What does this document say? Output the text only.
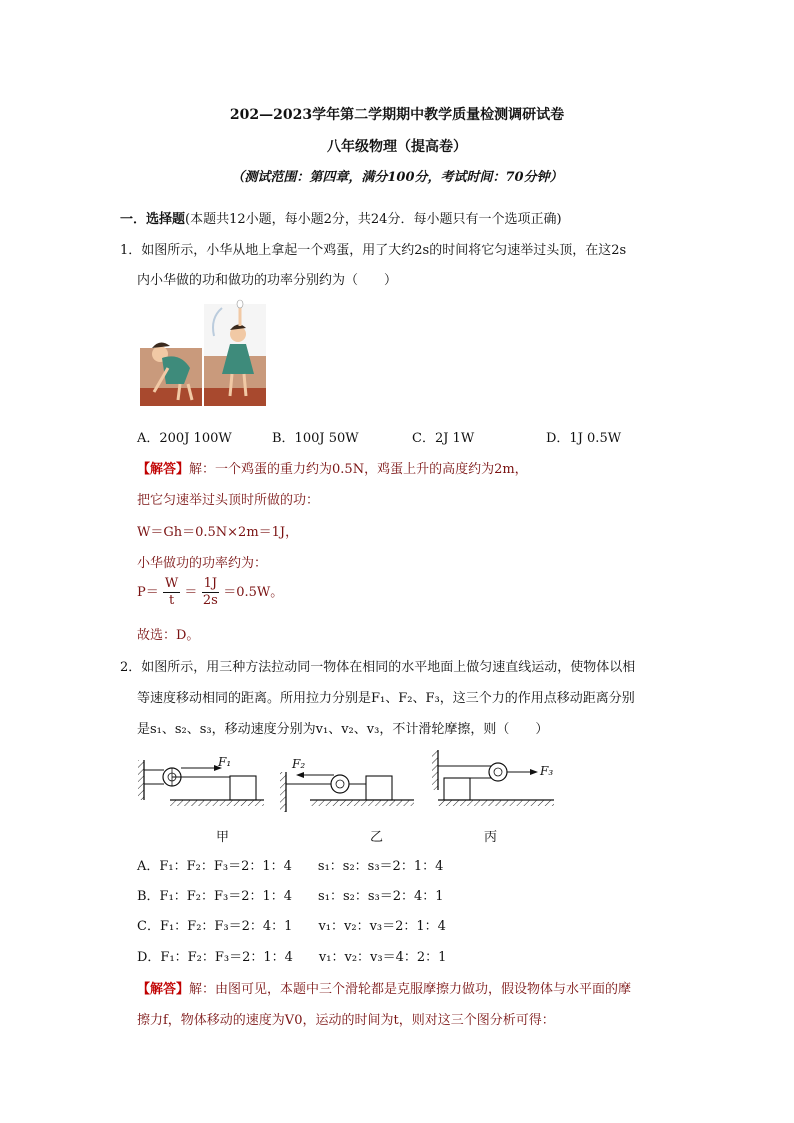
202—2023学年第二学期期中教学质量检测调研试卷
八年级物理（提高卷）
（测试范围：第四章，满分100分，考试时间：70分钟）
一．选择题(本题共12小题，每小题2分，共24分．每小题只有一个选项正确)
1．如图所示，小华从地上拿起一个鸡蛋，用了大约2s的时间将它匀速举过头顶，在这2s
内小华做的功和做功的功率分别约为（　　）
A．200J 100W	B．100J 50W	C．2J 1W	D．1J 0.5W
【解答】解：一个鸡蛋的重力约为0.5N，鸡蛋上升的高度约为2m，
把它匀速举过头顶时所做的功：
W＝Gh＝0.5N×2m＝1J，
小华做功的功率约为：
$P= \frac{W}{t} = \frac{1J}{2s} =0.5W$。
故选：D。
2．如图所示，用三种方法拉动同一物体在相同的水平地面上做匀速直线运动，使物体以相
等速度移动相同的距离。所用拉力分别是F₁、F₂、F₃，这三个力的作用点移动距离分别
是s₁、s₂、s₃，移动速度分别为v₁、v₂、v₃，不计滑轮摩擦，则（　　）
F₁	F₂	F₃
甲	乙	丙
A．F₁：F₂：F₃＝2：1：4　　s₁：s₂：s₃＝2：1：4
B．F₁：F₂：F₃＝2：1：4　　s₁：s₂：s₃＝2：4：1
C．F₁：F₂：F₃＝2：4：1　　v₁：v₂：v₃＝2：1：4
D．F₁：F₂：F₃＝2：1：4　　v₁：v₂：v₃＝4：2：1
【解答】解：由图可见，本题中三个滑轮都是克服摩擦力做功，假设物体与水平面的摩
擦力f，物体移动的速度为V0，运动的时间为t，则对这三个图分析可得：
